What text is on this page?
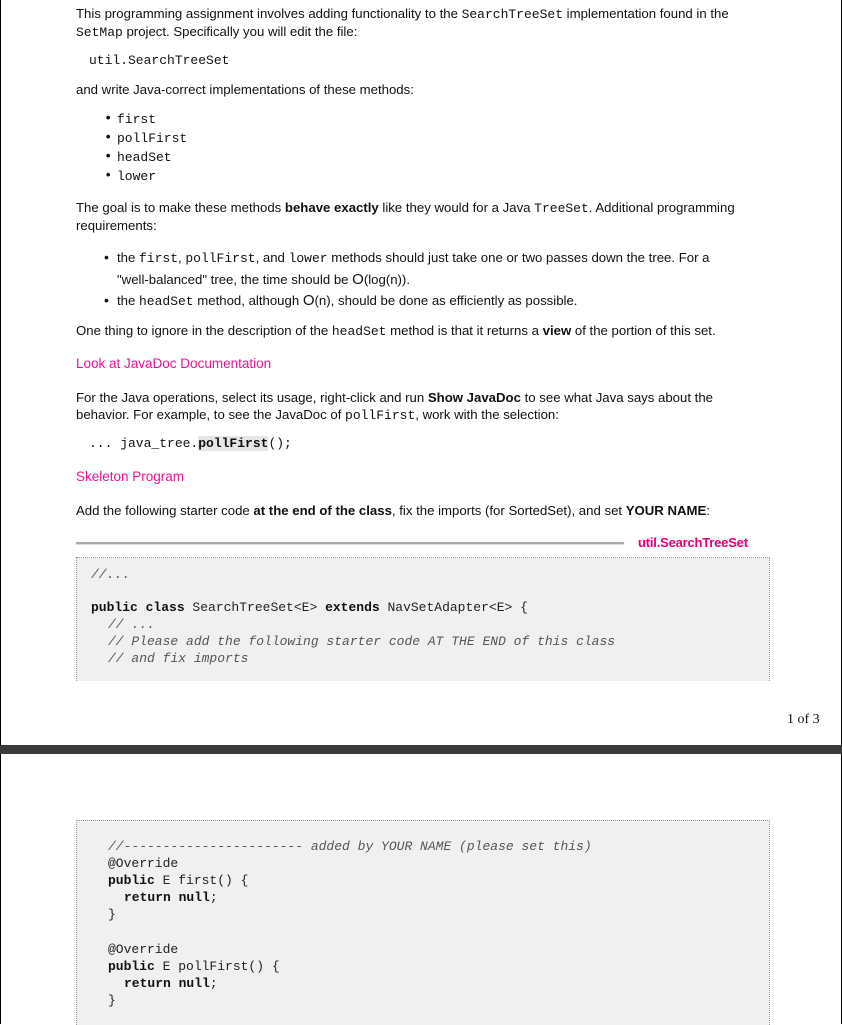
This programming assignment involves adding functionality to the SearchTreeSet implementation found in the
SetMap project. Specifically you will edit the file:

util.SearchTreeSet

and write Java-correct implementations of these methods:

• first
• pollFirst
• headSet
• lower

The goal is to make these methods behave exactly like they would for a Java TreeSet. Additional programming
requirements:

• the first, pollFirst, and lower methods should just take one or two passes down the tree. For a
"well-balanced" tree, the time should be O(log(n)).
• the headSet method, although O(n), should be done as efficiently as possible.

One thing to ignore in the description of the headSet method is that it returns a view of the portion of this set.

Look at JavaDoc Documentation

For the Java operations, select its usage, right-click and run Show JavaDoc to see what Java says about the
behavior. For example, to see the JavaDoc of pollFirst, work with the selection:

... java_tree.pollFirst();
Skeleton Program

Add the following starter code at the end of the class, fix the imports (for SortedSet), and set YOUR NAME:

util.SearchTreeSet
//...
public class SearchTreeSet<E> extends NavSetAdapter<E> {
// ...
// Please add the following starter code AT THE END of this class
// and fix imports
1 of 3
//----------------------- added by YOUR NAME (please set this)
@Override
public E first() {
return null;
}
@Override
public E pollFirst() {
return null;
}
